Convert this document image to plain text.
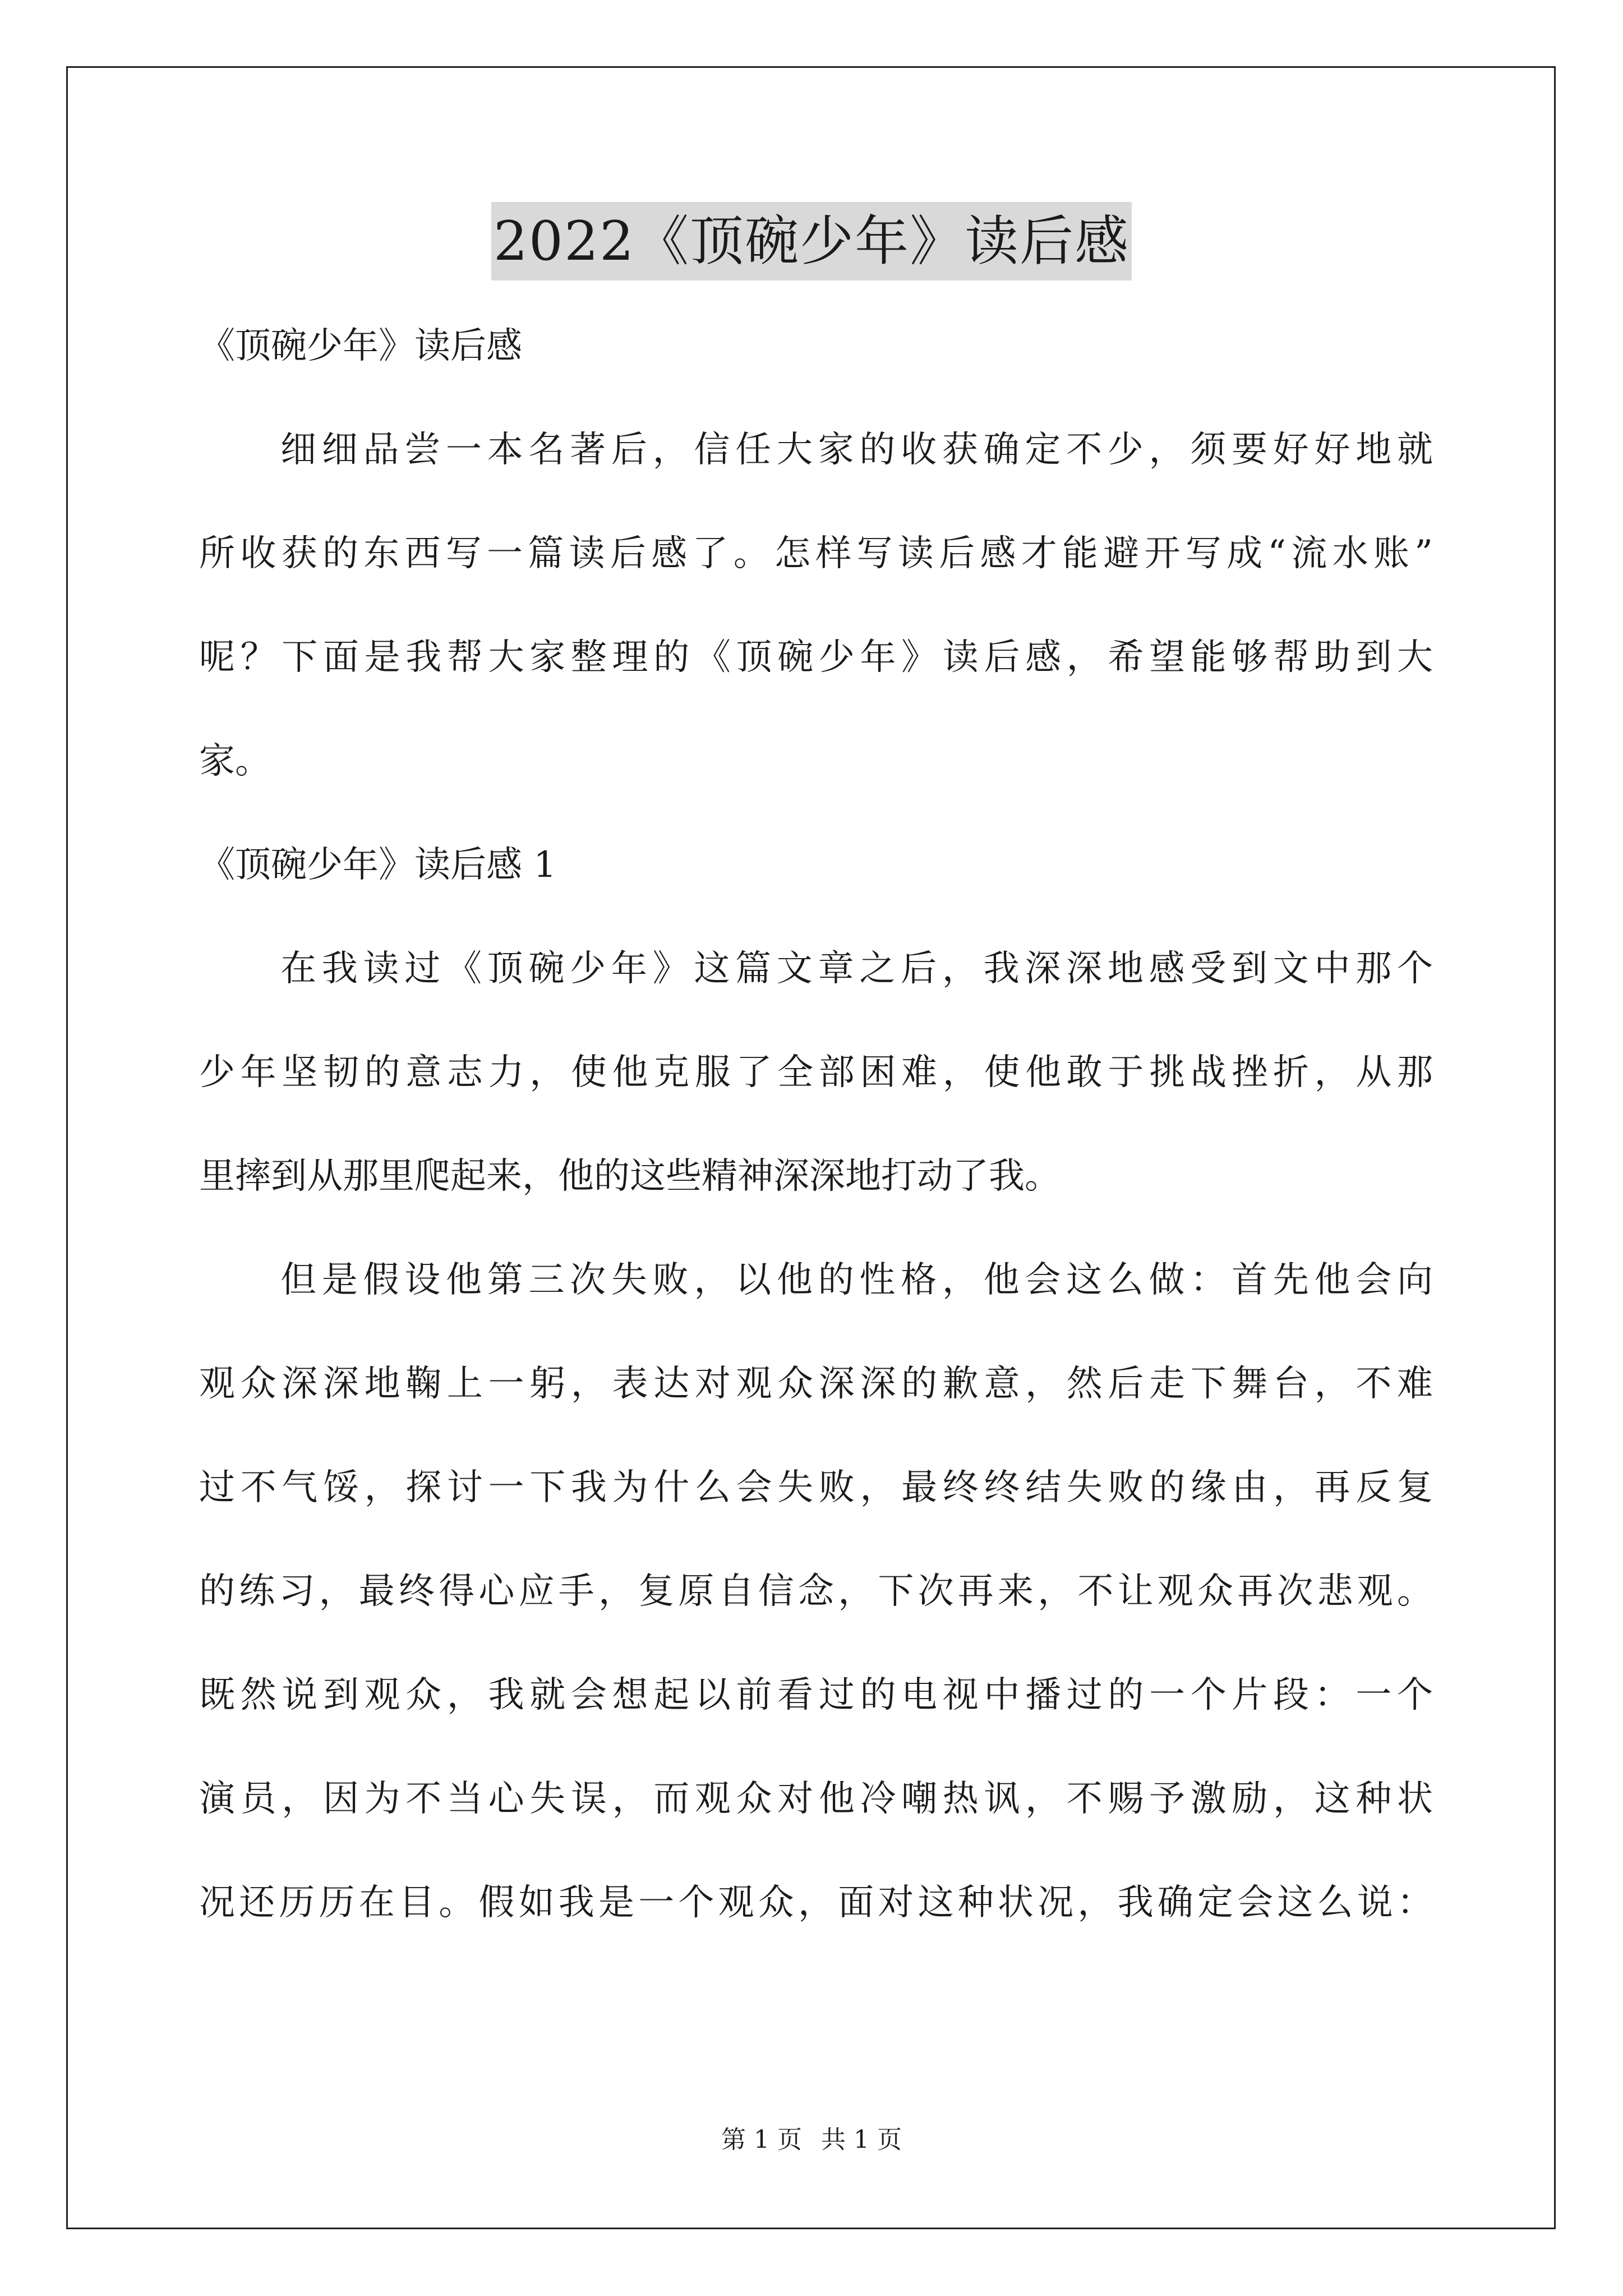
2022《顶碗少年》读后感
《顶碗少年》读后感
细细品尝一本名著后，信任大家的收获确定不少，须要好好地就
所收获的东西写一篇读后感了。怎样写读后感才能避开写成“流水账”
呢？下面是我帮大家整理的《顶碗少年》读后感，希望能够帮助到大
家。
《顶碗少年》读后感 1
在我读过《顶碗少年》这篇文章之后，我深深地感受到文中那个
少年坚韧的意志力，使他克服了全部困难，使他敢于挑战挫折，从那
里摔到从那里爬起来，他的这些精神深深地打动了我。
但是假设他第三次失败，以他的性格，他会这么做：首先他会向
观众深深地鞠上一躬，表达对观众深深的歉意，然后走下舞台，不难
过不气馁，探讨一下我为什么会失败，最终终结失败的缘由，再反复
的练习，最终得心应手，复原自信念，下次再来，不让观众再次悲观。
既然说到观众，我就会想起以前看过的电视中播过的一个片段：一个
演员，因为不当心失误，而观众对他冷嘲热讽，不赐予激励，这种状
况还历历在目。假如我是一个观众，面对这种状况，我确定会这么说：
第 1 页 共 1 页
